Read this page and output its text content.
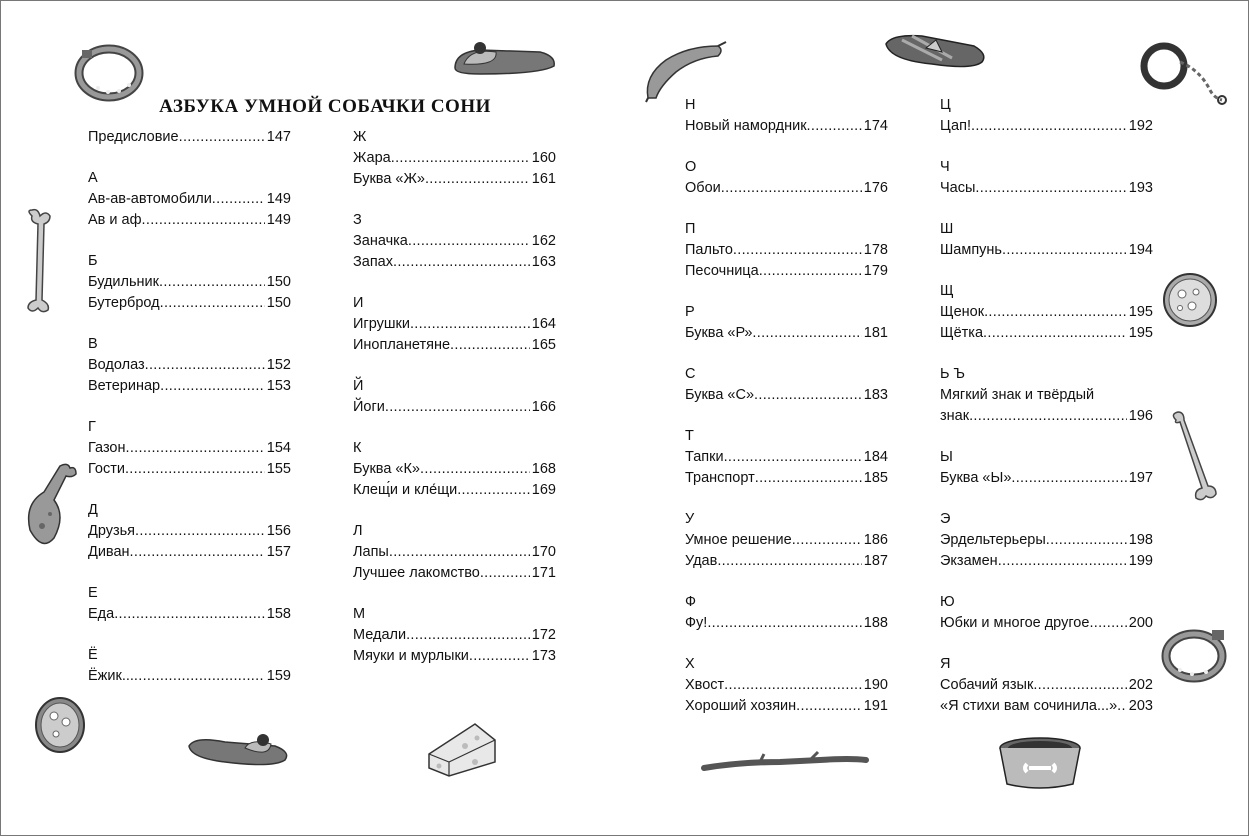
АЗБУКА УМНОЙ СОБАЧКИ СОНИ
Предисловие .....	147
А
Ав-ав-автомобили .....	149
Ав и аф .....	149
Б
Будильник .....	150
Бутерброд .....	150
В
Водолаз .....	152
Ветеринар .....	153
Г
Газон .....	154
Гости .....	155
Д
Друзья .....	156
Диван .....	157
Е
Еда .....	158
Ё
Ёжик... .....	159
Ж
Жара .....	160
Буква «Ж» .....	161
З
Заначка .....	162
Запах .....	163
И
Игрушки .....	164
Инопланетяне .....	165
Й
Йоги .....	166
К
Буква «К» .....	168
Клещ́и и кле́щи .....	169
Л
Лапы .....	170
Лучшее лакомство .....	171
М
Медали .....	172
Мяуки и мурлыки .....	173
Н
Новый намордник .....	174
О
Обои .....	176
П
Пальто .....	178
Песочница .....	179
Р
Буква «Р» .....	181
С
Буква «С» .....	183
Т
Тапки .....	184
Транспорт .....	185
У
Умное решение .....	186
Удав .....	187
Ф
Фу! .....	188
Х
Хвост .....	190
Хороший хозяин .....	191
Ц
Цап! .....	192
Ч
Часы .....	193
Ш
Шампунь .....	194
Щ
Щенок .....	195
Щётка .....	195
Ь Ъ
Мягкий знак и твёрдый
знак .....	196
Ы
Буква «Ы» .....	197
Э
Эрдельтерьеры .....	198
Экзамен .....	199
Ю
Юбки и многое другое .....	200
Я
Собачий язык .....	202
«Я стихи вам сочинила...» ..... 203
